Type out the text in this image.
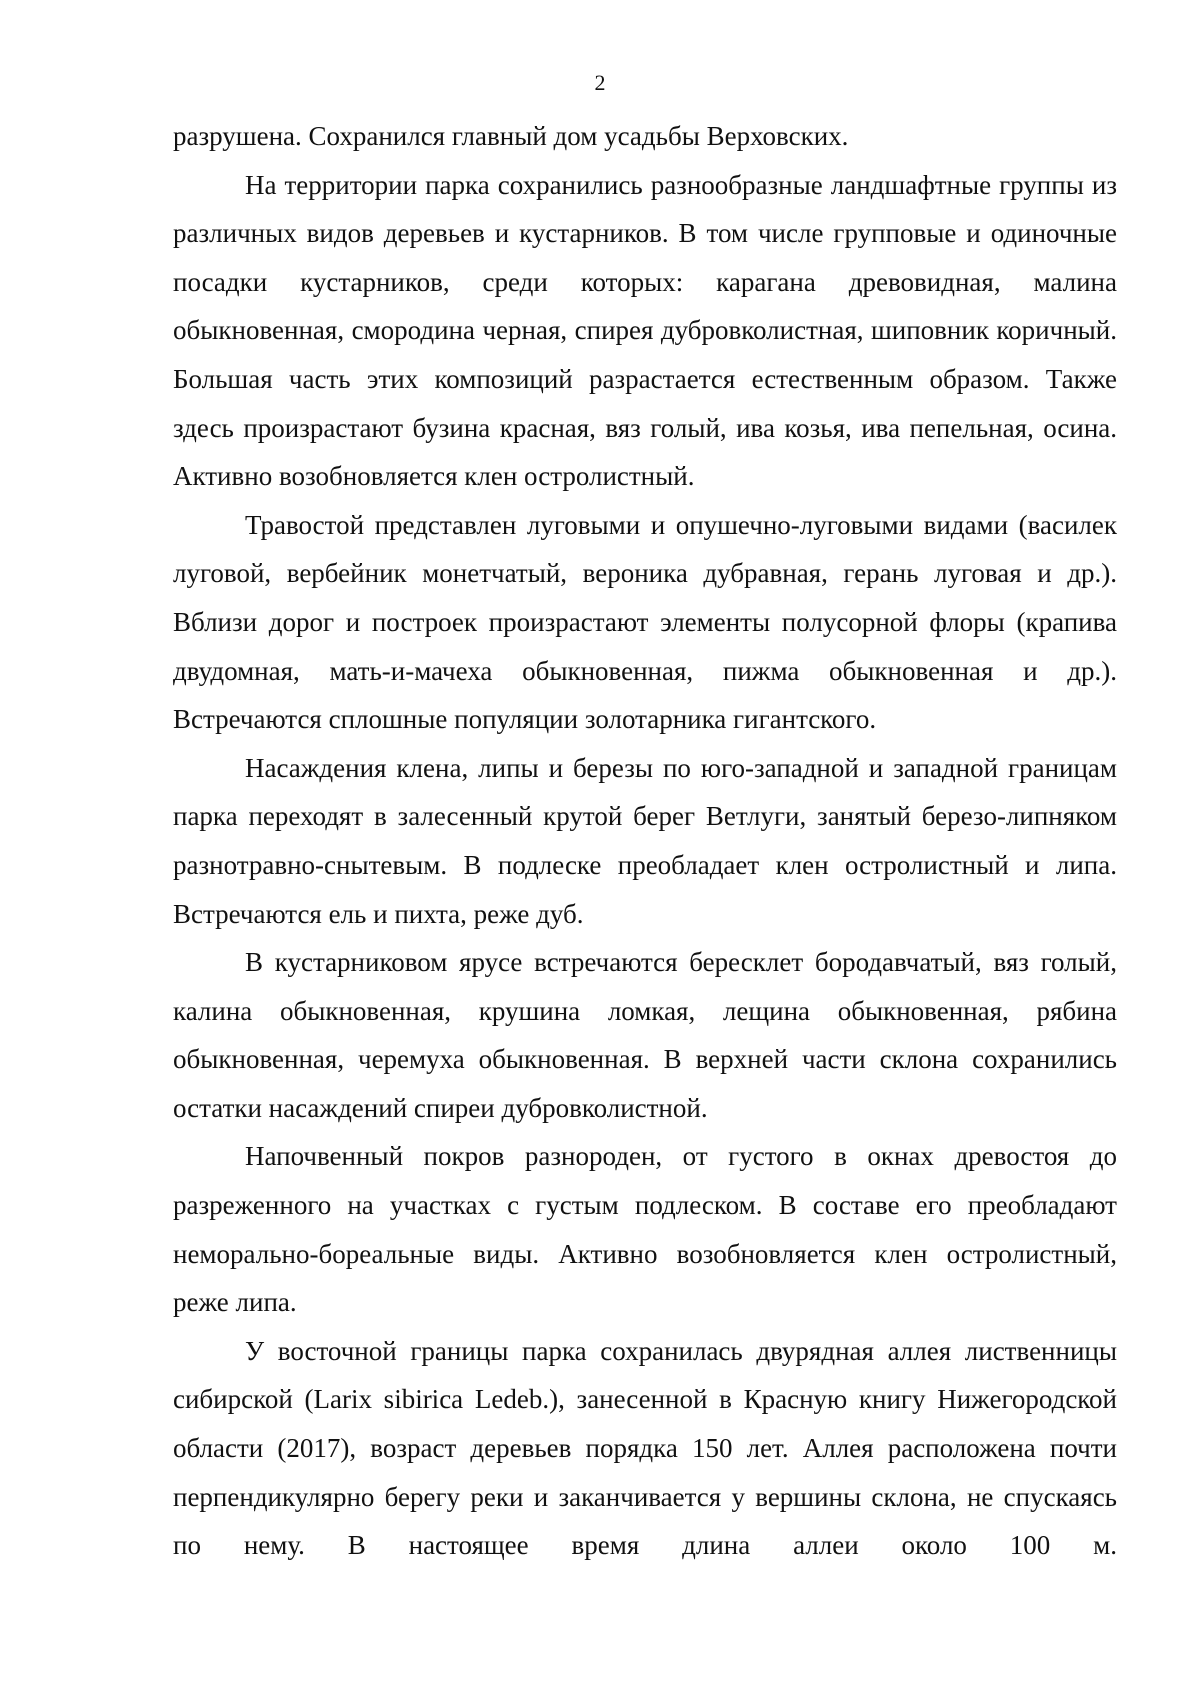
2

разрушена. Сохранился главный дом усадьбы Верховских.

На территории парка сохранились разнообразные ландшафтные группы из различных видов деревьев и кустарников. В том числе групповые и одиночные посадки кустарников, среди которых: карагана древовидная, малина обыкновенная, смородина черная, спирея дубровколистная, шиповник коричный. Большая часть этих композиций разрастается естественным образом. Также здесь произрастают бузина красная, вяз голый, ива козья, ива пепельная, осина. Активно возобновляется клен остролистный.

Травостой представлен луговыми и опушечно-луговыми видами (василек луговой, вербейник монетчатый, вероника дубравная, герань луговая и др.). Вблизи дорог и построек произрастают элементы полусорной флоры (крапива двудомная, мать-и-мачеха обыкновенная, пижма обыкновенная и др.). Встречаются сплошные популяции золотарника гигантского.

Насаждения клена, липы и березы по юго-западной и западной границам парка переходят в залесенный крутой берег Ветлуги, занятый березо-липняком разнотравно-снытевым. В подлеске преобладает клен остролистный и липа. Встречаются ель и пихта, реже дуб.

В кустарниковом ярусе встречаются бересклет бородавчатый, вяз голый, калина обыкновенная, крушина ломкая, лещина обыкновенная, рябина обыкновенная, черемуха обыкновенная. В верхней части склона сохранились остатки насаждений спиреи дубровколистной.

Напочвенный покров разнороден, от густого в окнах древостоя до разреженного на участках с густым подлеском. В составе его преобладают неморально-бореальные виды. Активно возобновляется клен остролистный, реже липа.

У восточной границы парка сохранилась двурядная аллея лиственницы сибирской (Larix sibirica Ledeb.), занесенной в Красную книгу Нижегородской области (2017), возраст деревьев порядка 150 лет. Аллея расположена почти перпендикулярно берегу реки и заканчивается у вершины склона, не спускаясь по нему. В настоящее время длина аллеи около 100 м.
